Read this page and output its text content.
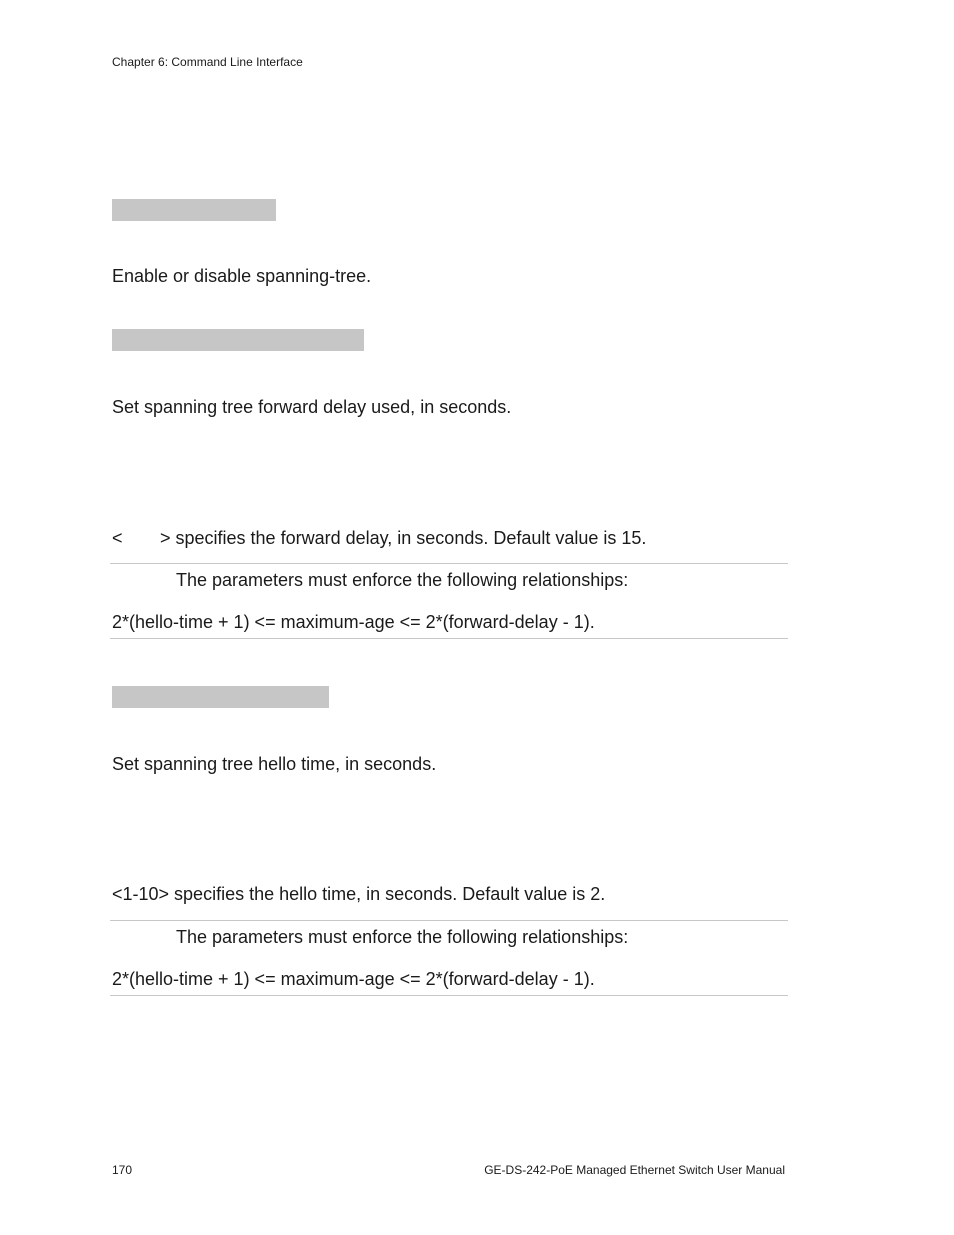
Chapter 6: Command Line Interface
Enable or disable spanning-tree.
Set spanning tree forward delay used, in seconds.
< > specifies the forward delay, in seconds. Default value is 15.
The parameters must enforce the following relationships:
2*(hello-time + 1) <= maximum-age <= 2*(forward-delay - 1).
Set spanning tree hello time, in seconds.
<1-10> specifies the hello time, in seconds. Default value is 2.
The parameters must enforce the following relationships:
2*(hello-time + 1) <= maximum-age <= 2*(forward-delay - 1).
170	GE-DS-242-PoE Managed Ethernet Switch User Manual
